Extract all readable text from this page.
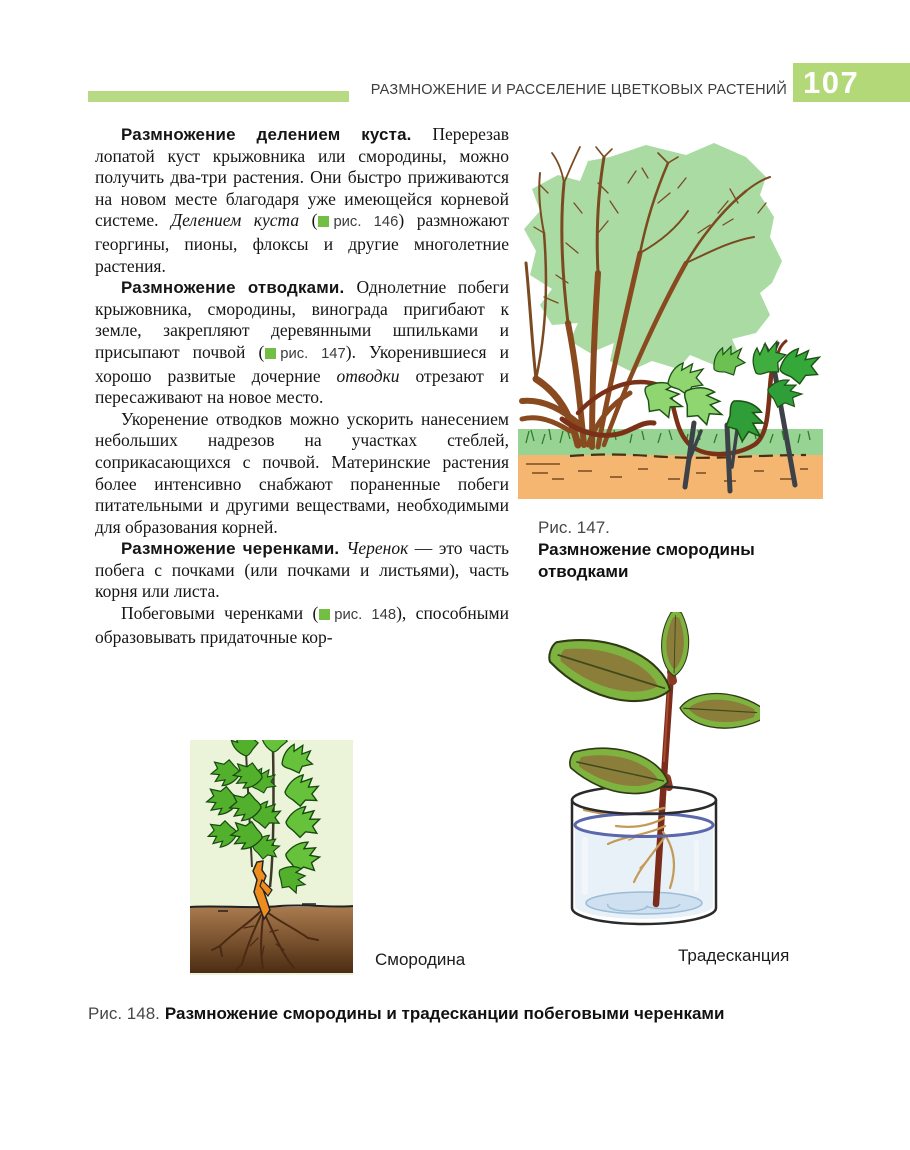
РАЗМНОЖЕНИЕ И РАССЕЛЕНИЕ ЦВЕТКОВЫХ РАСТЕНИЙ 107

Размножение делением куста. Перерезав лопатой куст крыжовника или смородины, можно получить два-три растения. Они быстро приживаются на новом месте благодаря уже имеющейся корневой системе. Делением куста ( рис. 146) размножают георгины, пионы, флоксы и другие многолетние растения.

Размножение отводками. Однолетние побеги крыжовника, смородины, винограда пригибают к земле, закрепляют деревянными шпильками и присыпают почвой ( рис. 147). Укоренившиеся и хорошо развитые дочерние отводки отрезают и пересаживают на новое место.

Укоренение отводков можно ускорить нанесением небольших надрезов на участках стеблей, соприкасающихся с почвой. Материнские растения более интенсивно снабжают пораненные побеги питательными и другими веществами, необходимыми для образования корней.

Размножение черенками. Черенок — это часть побега с почками (или почками и листьями), часть корня или листа.

Побеговыми черенками ( рис. 148), способными образовывать придаточные кор-

Рис. 147.
Размножение смородины отводками
Смородина	Традесканция
Рис. 148. Размножение смородины и традесканции побеговыми черенками
